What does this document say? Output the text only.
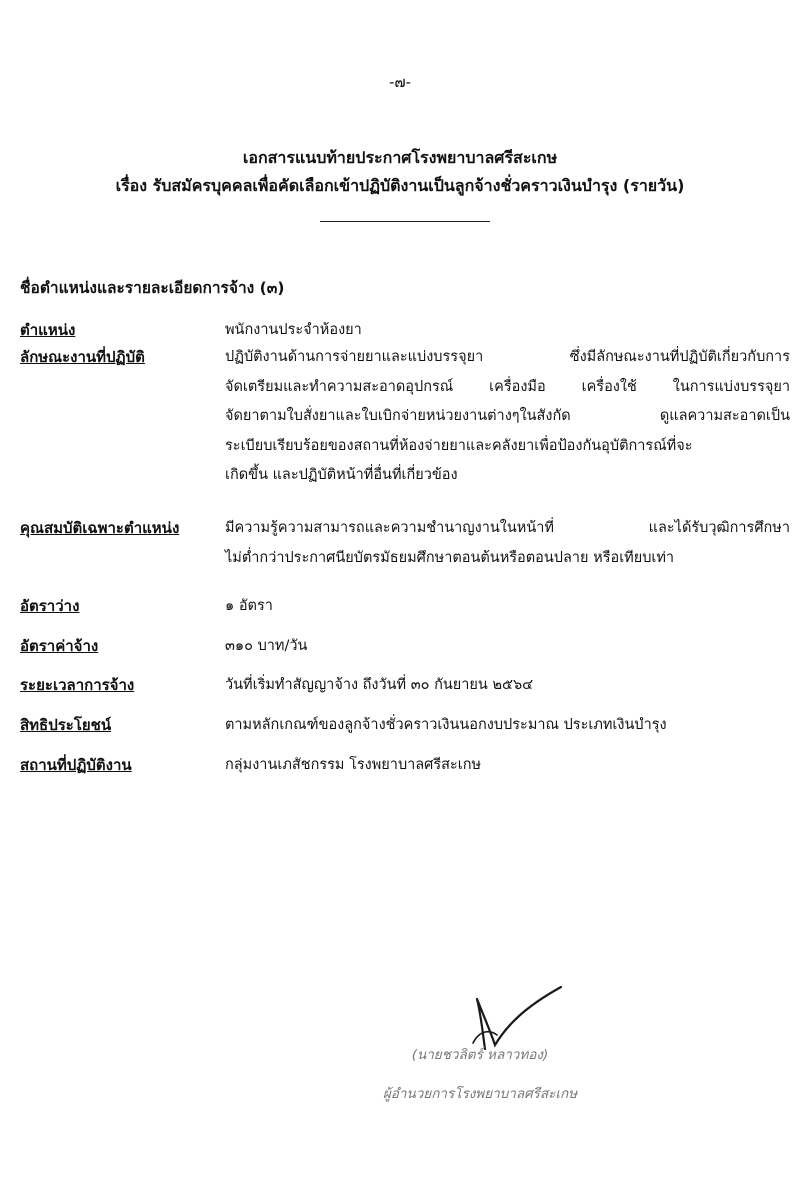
-๗-
เอกสารแนบท้ายประกาศโรงพยาบาลศรีสะเกษ
เรื่อง รับสมัครบุคคลเพื่อคัดเลือกเข้าปฏิบัติงานเป็นลูกจ้างชั่วคราวเงินบำรุง (รายวัน)
ชื่อตำแหน่งและรายละเอียดการจ้าง (๓)
ตำแหน่ง	พนักงานประจำห้องยา
ลักษณะงานที่ปฏิบัติ	ปฏิบัติงานด้านการจ่ายยาและแบ่งบรรจุยา ซึ่งมีลักษณะงานที่ปฏิบัติเกี่ยวกับการ
จัดเตรียมและทำความสะอาดอุปกรณ์ เครื่องมือ เครื่องใช้ ในการแบ่งบรรจุยา
จัดยาตามใบสั่งยาและใบเบิกจ่ายหน่วยงานต่างๆในสังกัด ดูแลความสะอาดเป็น
ระเบียบเรียบร้อยของสถานที่ห้องจ่ายยาและคลังยาเพื่อป้องกันอุบัติการณ์ที่จะ
เกิดขึ้น และปฏิบัติหน้าที่อื่นที่เกี่ยวข้อง
คุณสมบัติเฉพาะตำแหน่ง	มีความรู้ความสามารถและความชำนาญงานในหน้าที่ และได้รับวุฒิการศึกษา
ไม่ต่ำกว่าประกาศนียบัตรมัธยมศึกษาตอนต้นหรือตอนปลาย หรือเทียบเท่า
อัตราว่าง	๑ อัตรา
อัตราค่าจ้าง	๓๑๐ บาท/วัน
ระยะเวลาการจ้าง	วันที่เริ่มทำสัญญาจ้าง ถึงวันที่ ๓๐ กันยายน ๒๕๖๔
สิทธิประโยชน์	ตามหลักเกณฑ์ของลูกจ้างชั่วคราวเงินนอกงบประมาณ ประเภทเงินบำรุง
สถานที่ปฏิบัติงาน	กลุ่มงานเภสัชกรรม โรงพยาบาลศรีสะเกษ
(นายชวลิตร์ หลาวทอง)
ผู้อำนวยการโรงพยาบาลศรีสะเกษ
